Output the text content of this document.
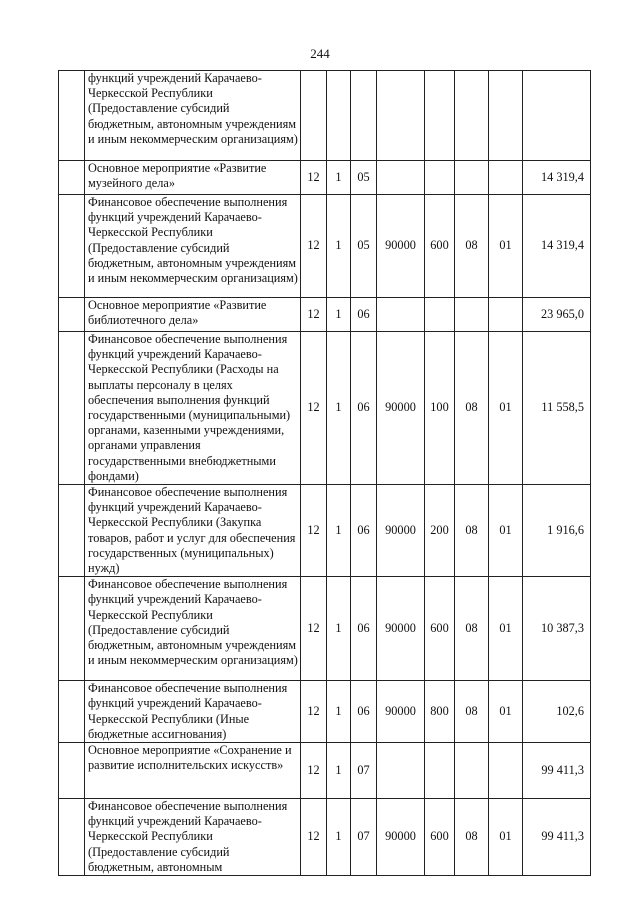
244
	функций учреждений Карачаево-Черкесской Республики (Предоставление субсидий бюджетным, автономным учреждениям и иным некоммерческим организациям)								
	Основное мероприятие «Развитие музейного дела»	12	1	05					14 319,4
	Финансовое обеспечение выполнения функций учреждений Карачаево-Черкесской Республики (Предоставление субсидий бюджетным, автономным учреждениям и иным некоммерческим организациям)	12	1	05	90000	600	08	01	14 319,4
	Основное мероприятие «Развитие библиотечного дела»	12	1	06					23 965,0
	Финансовое обеспечение выполнения функций учреждений Карачаево-Черкесской Республики (Расходы на выплаты персоналу в целях обеспечения выполнения функций государственными (муниципальными) органами, казенными учреждениями, органами управления государственными внебюджетными фондами)	12	1	06	90000	100	08	01	11 558,5
	Финансовое обеспечение выполнения функций учреждений Карачаево-Черкесской Республики (Закупка товаров, работ и услуг для обеспечения государственных (муниципальных) нужд)	12	1	06	90000	200	08	01	1 916,6
	Финансовое обеспечение выполнения функций учреждений Карачаево-Черкесской Республики (Предоставление субсидий бюджетным, автономным учреждениям и иным некоммерческим организациям)	12	1	06	90000	600	08	01	10 387,3
	Финансовое обеспечение выполнения функций учреждений Карачаево-Черкесской Республики (Иные бюджетные ассигнования)	12	1	06	90000	800	08	01	102,6
	Основное мероприятие «Сохранение и развитие исполнительских искусств»	12	1	07					99 411,3
	Финансовое обеспечение выполнения функций учреждений Карачаево-Черкесской Республики (Предоставление субсидий бюджетным, автономным	12	1	07	90000	600	08	01	99 411,3
